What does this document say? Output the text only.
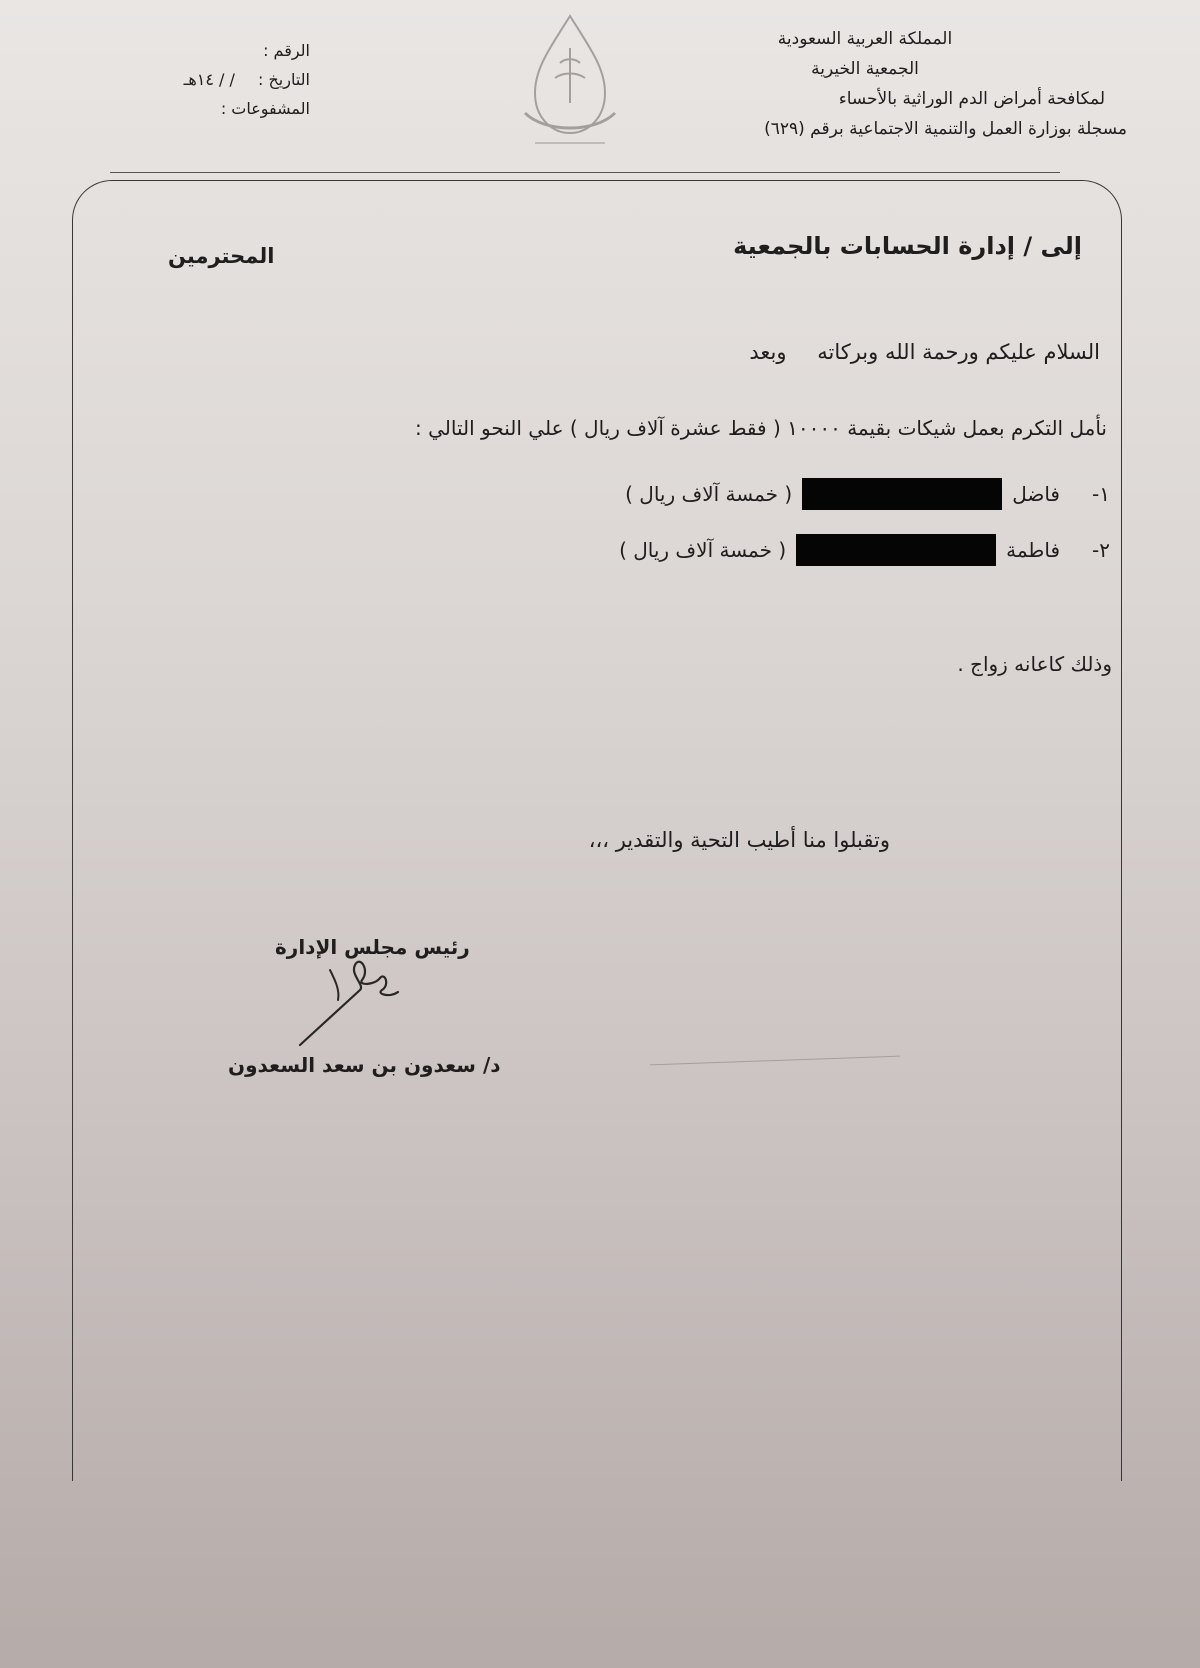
المملكة العربية السعودية
الجمعية الخيرية
لمكافحة أمراض الدم الوراثية بالأحساء
مسجلة بوزارة العمل والتنمية الاجتماعية برقم (٦٢٩)
الرقم :
التاريخ : / / ١٤هـ
المشفوعات :
إلى / إدارة الحسابات بالجمعية
المحترمين
السلام عليكم ورحمة الله وبركاته وبعد
نأمل التكرم بعمل شيكات بقيمة ١٠٠٠٠ ( فقط عشرة آلاف ريال ) علي النحو التالي :
١-
فاضل
( خمسة آلاف ريال )
٢-
فاطمة
( خمسة آلاف ريال )
وذلك كاعانه زواج .
وتقبلوا منا أطيب التحية والتقدير ،،،
رئيس مجلس الإدارة
د/ سعدون بن سعد السعدون
